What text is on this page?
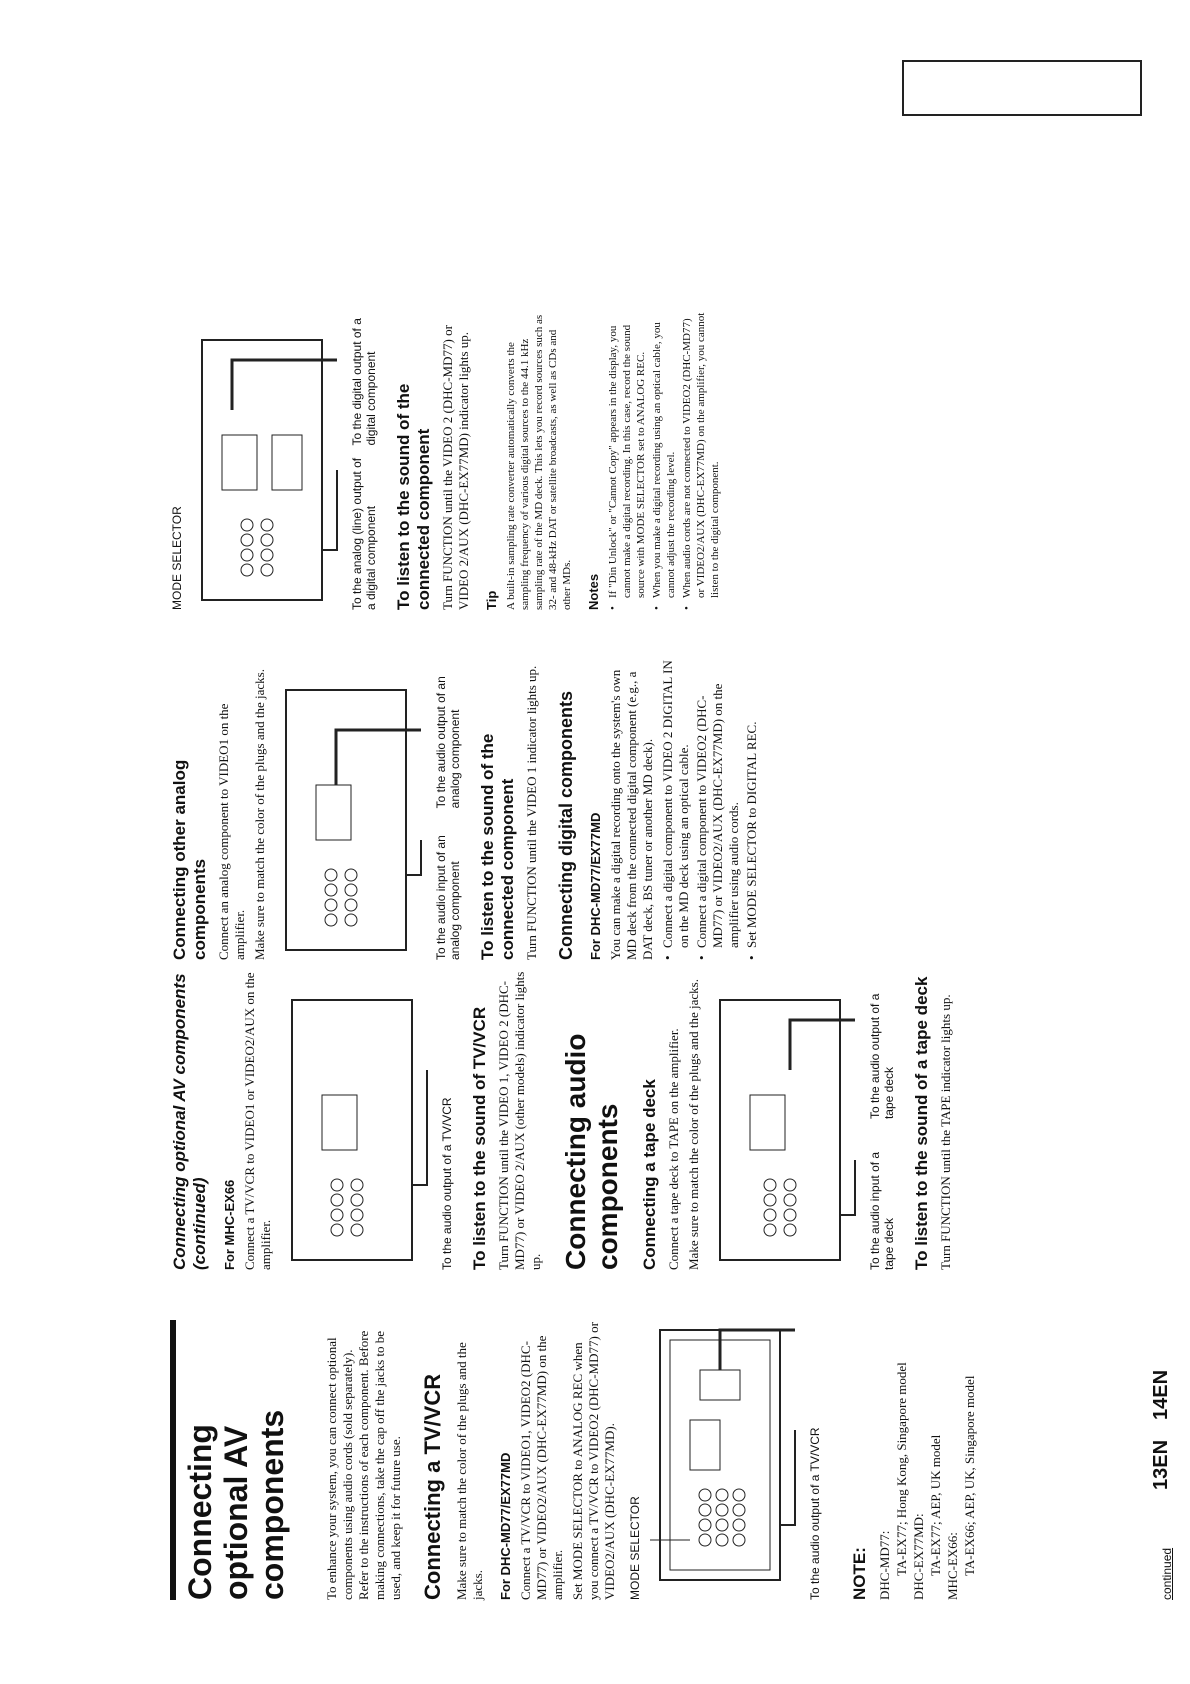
Connecting optional AV components	To enhance your system, you can connect optional components using audio cords (sold separately). Refer to the instructions of each component. Before making connections, take the cap off the jacks to be used, and keep it for future use. Connecting a TV/VCR Make sure to match the color of the plugs and the jacks. For DHC-MD77/EX77MD Connect a TV/VCR to VIDEO1, VIDEO2 (DHC-MD77) or VIDEO2/AUX (DHC-EX77MD) on the amplifier. Set MODE SELECTOR to ANALOG REC when you connect a TV/VCR to VIDEO2 (DHC-MD77) or VIDEO2/AUX (DHC-EX77MD). MODE SELECTOR	To the audio output of a TV/VCR NOTE: DHC-MD77: TA-EX77; Hong Kong, Singapore model DHC-EX77MD: TA-EX77; AEP, UK model MHC-EX66: TA-EX66; AEP, UK, Singapore model
Connecting optional AV components (continued) For MHC-EX66 Connect a TV/VCR to VIDEO1 or VIDEO2/AUX on the amplifier.	To the audio output of a TV/VCR To listen to the sound of TV/VCR Turn FUNCTION until the VIDEO 1, VIDEO 2 (DHC-MD77) or VIDEO 2/AUX (other models) indicator lights up. Connecting audio components Connecting a tape deck Connect a tape deck to TAPE on the amplifier. Make sure to match the color of the plugs and the jacks.	To the audio input of a tape deck
To the audio output of a tape deck To listen to the sound of a tape deck Turn FUNCTION until the TAPE indicator lights up.

Connecting other analog components Connect an analog component to VIDEO1 on the amplifier. Make sure to match the color of the plugs and the jacks.	To the audio input of an analog component
To the audio output of an analog component To listen to the sound of the connected component Turn FUNCTION until the VIDEO 1 indicator lights up. Connecting digital components For DHC-MD77/EX77MD You can make a digital recording onto the system's own MD deck from the connected digital component (e.g., a DAT deck, BS tuner or another MD deck). • Connect a digital component to VIDEO 2 DIGITAL IN on the MD deck using an optical cable. • Connect a digital component to VIDEO2 (DHC-MD77) or VIDEO2/AUX (DHC-EX77MD) on the amplifier using audio cords. • Set MODE SELECTOR to DIGITAL REC.
MODE SELECTOR	To the analog (line) output of a digital component
To the digital output of a digital component To listen to the sound of the connected component Turn FUNCTION until the VIDEO 2 (DHC-MD77) or VIDEO 2/AUX (DHC-EX77MD) indicator lights up. Tip A built-in sampling rate converter automatically converts the sampling frequency of various digital sources to the 44.1 kHz sampling rate of the MD deck. This lets you record sources such as 32- and 48-kHz DAT or satellite broadcasts, as well as CDs and other MDs. Notes • If "Din Unlock" or "Cannot Copy" appears in the display, you cannot make a digital recording. In this case, record the sound source with MODE SELECTOR set to ANALOG REC. • When you make a digital recording using an optical cable, you cannot adjust the recording level. • When audio cords are not connected to VIDEO2 (DHC-MD77) or VIDEO2/AUX (DHC-EX77MD) on the amplifier, you cannot listen to the digital component.
continued
13EN
14EN
